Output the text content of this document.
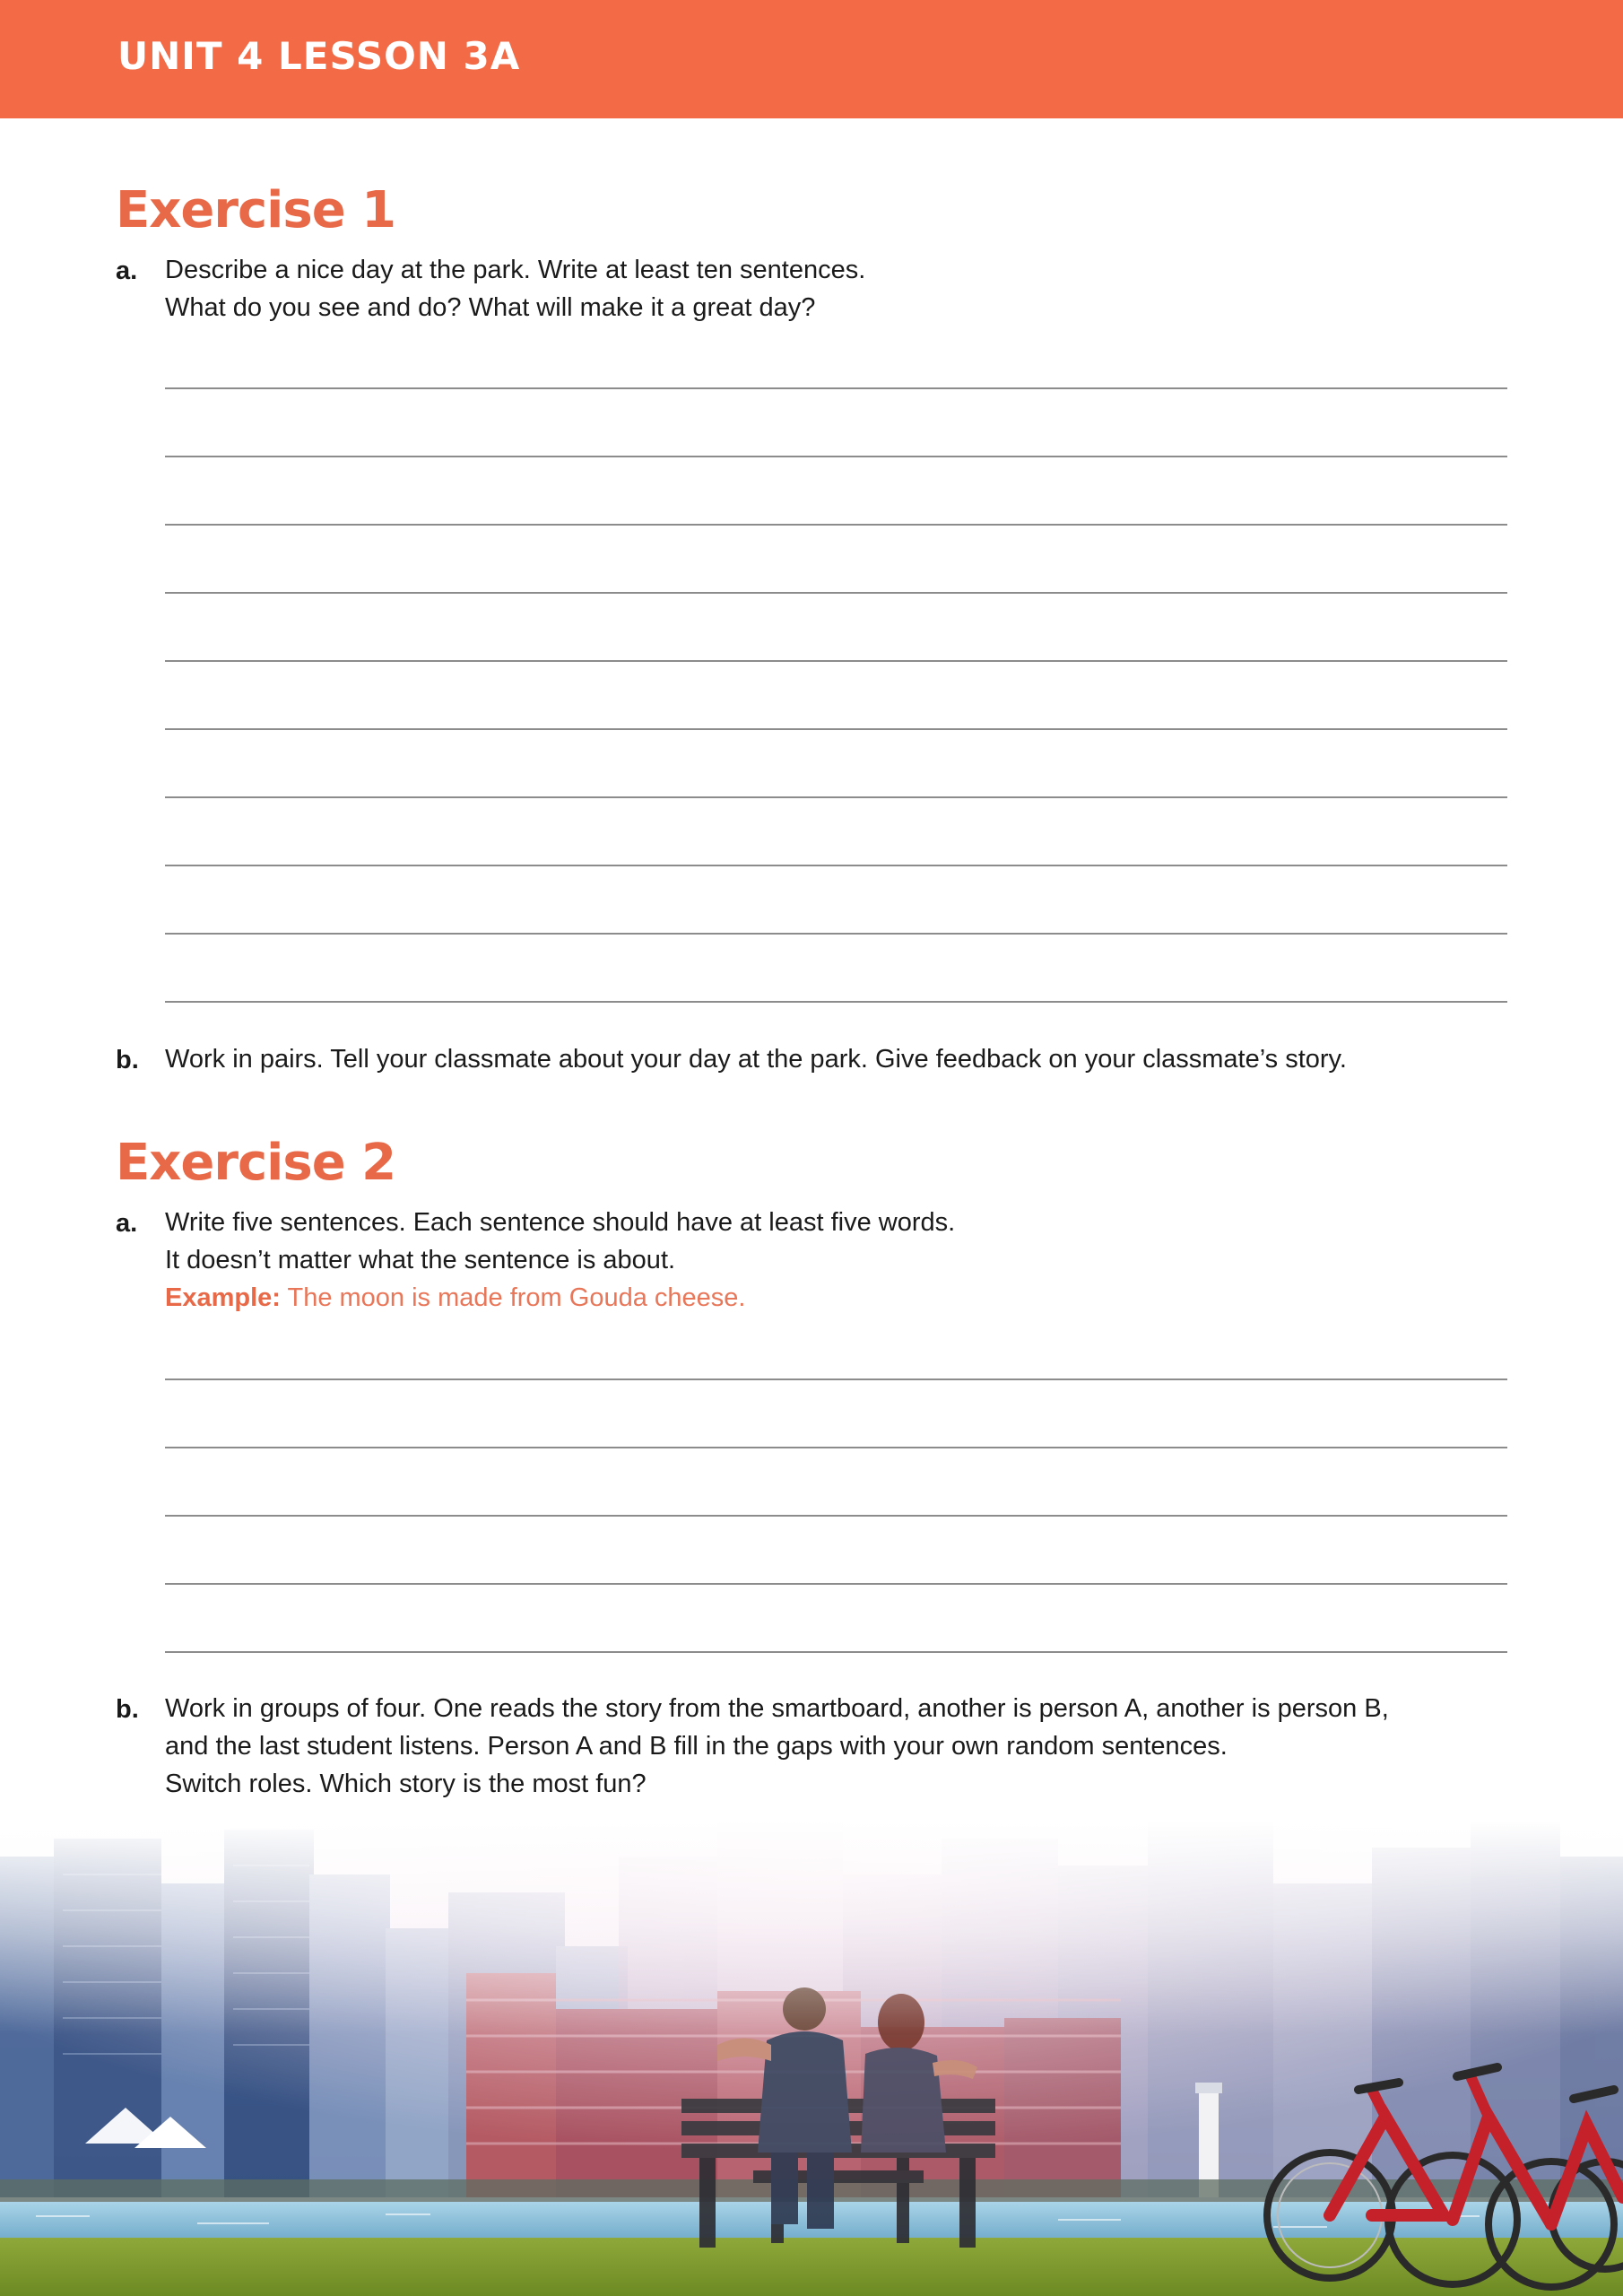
UNIT 4 LESSON 3A
Exercise 1
a. Describe a nice day at the park. Write at least ten sentences.
What do you see and do? What will make it a great day?
b. Work in pairs. Tell your classmate about your day at the park. Give feedback on your classmate’s story.
Exercise 2
a. Write five sentences. Each sentence should have at least five words.
It doesn’t matter what the sentence is about.
Example: The moon is made from Gouda cheese.
b. Work in groups of four. One reads the story from the smartboard, another is person A, another is person B,
and the last student listens. Person A and B fill in the gaps with your own random sentences.
Switch roles. Which story is the most fun?
